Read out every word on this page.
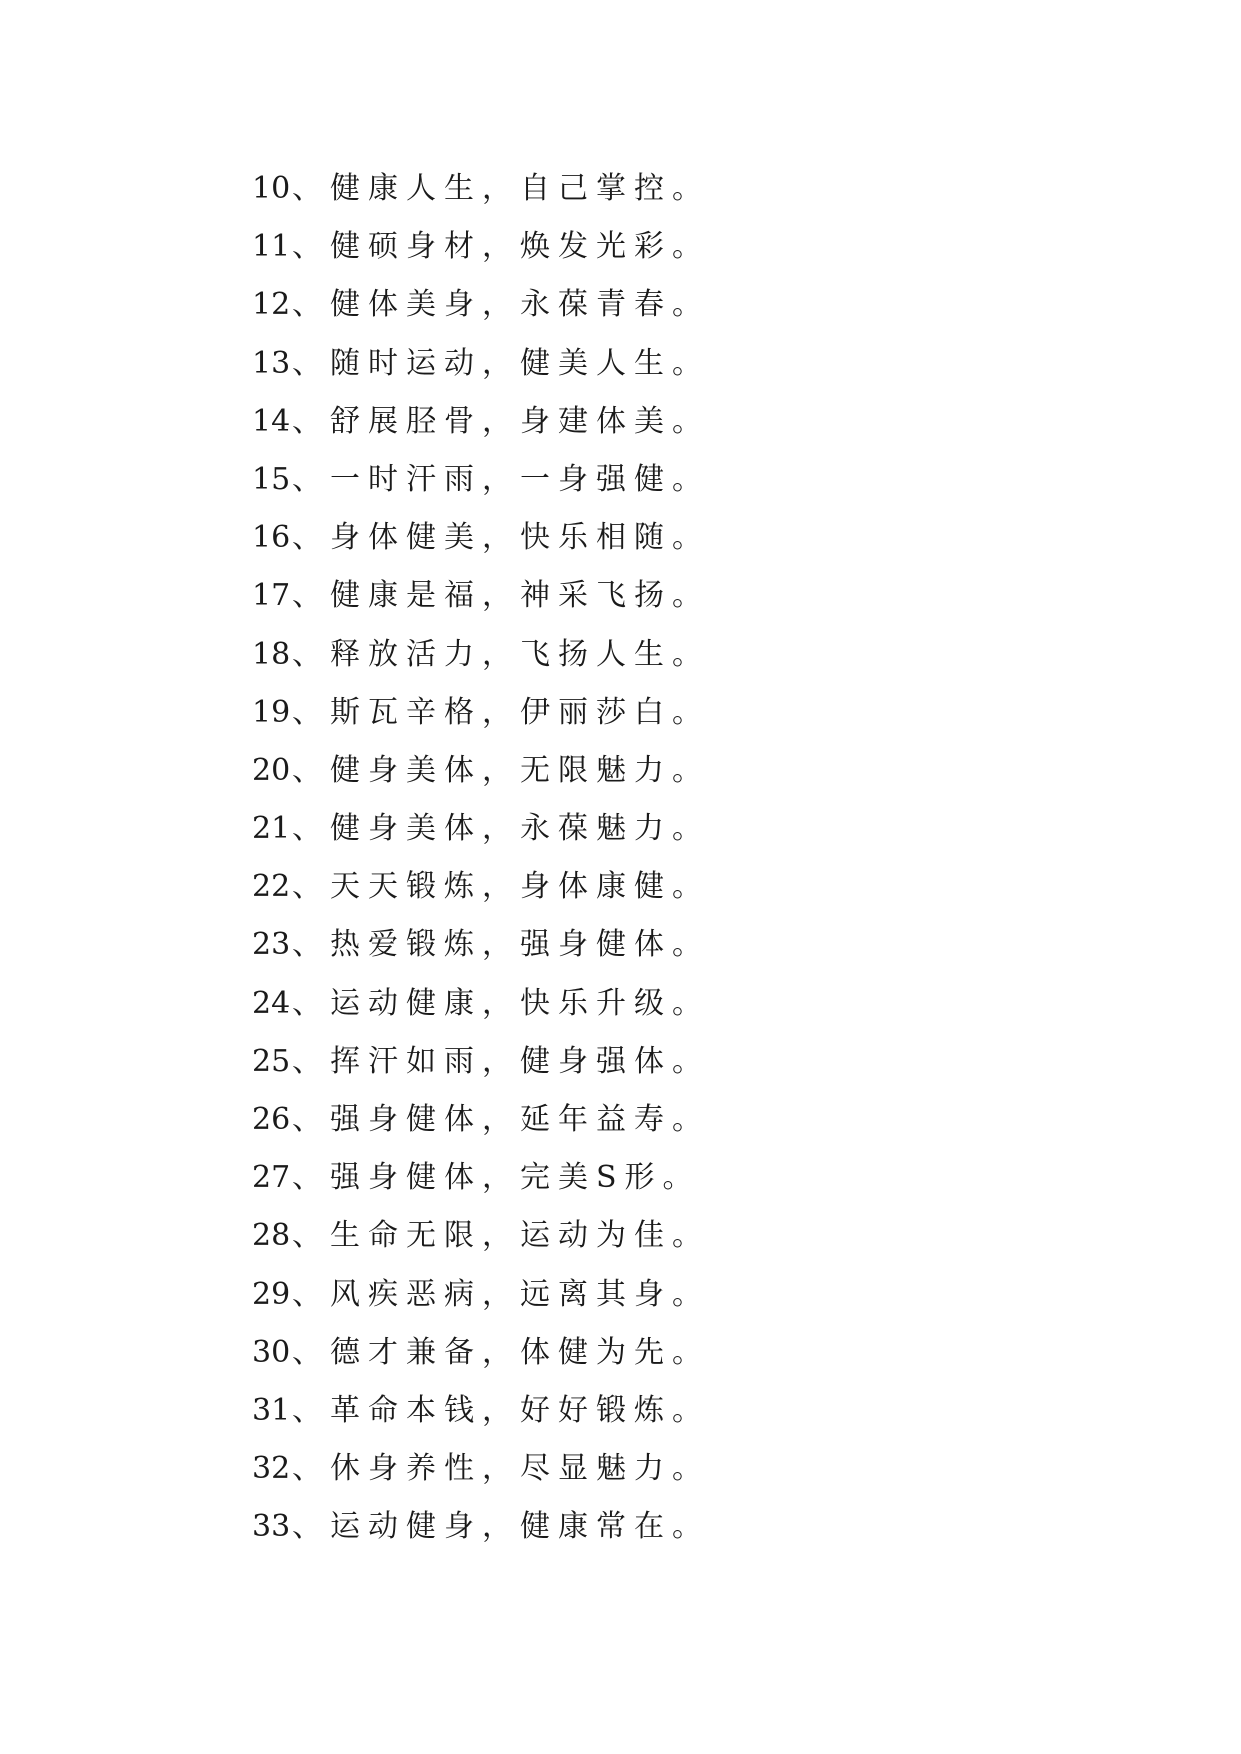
10、健康人生，自己掌控。
11、健硕身材，焕发光彩。
12、健体美身，永葆青春。
13、随时运动，健美人生。
14、舒展胫骨，身建体美。
15、一时汗雨，一身强健。
16、身体健美，快乐相随。
17、健康是福，神采飞扬。
18、释放活力，飞扬人生。
19、斯瓦辛格，伊丽莎白。
20、健身美体，无限魅力。
21、健身美体，永葆魅力。
22、天天锻炼，身体康健。
23、热爱锻炼，强身健体。
24、运动健康，快乐升级。
25、挥汗如雨，健身强体。
26、强身健体，延年益寿。
27、强身健体，完美S形。
28、生命无限，运动为佳。
29、风疾恶病，远离其身。
30、德才兼备，体健为先。
31、革命本钱，好好锻炼。
32、休身养性，尽显魅力。
33、运动健身，健康常在。
